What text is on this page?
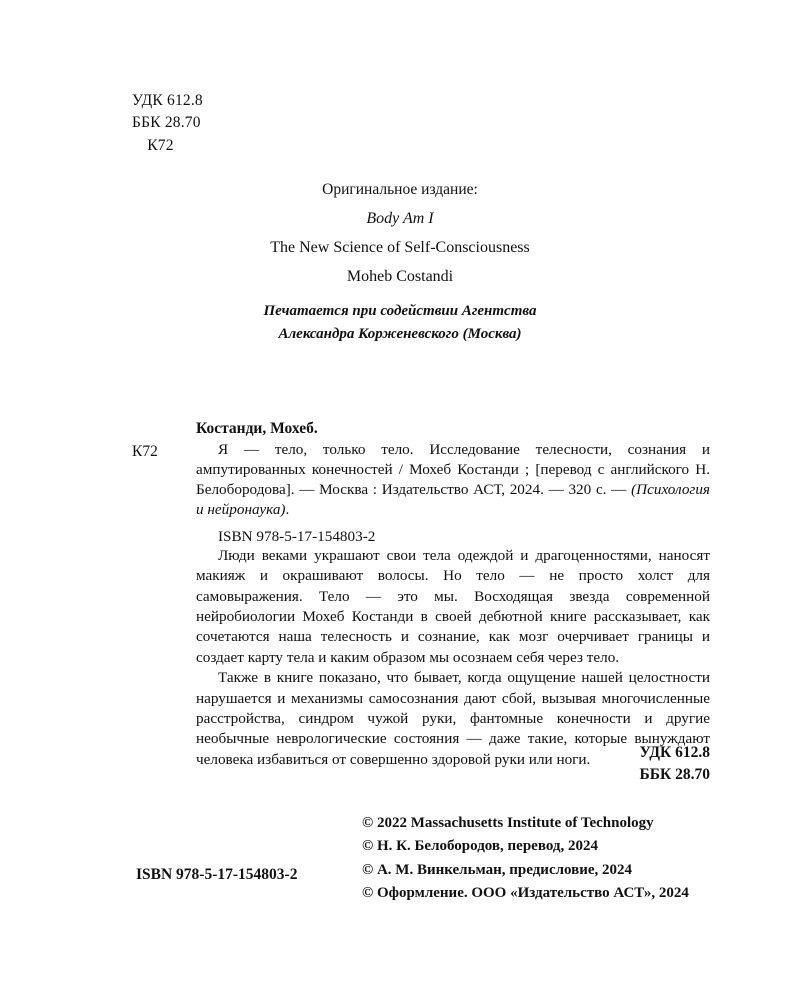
УДК 612.8
ББК 28.70
К72
Оригинальное издание:
Body Am I
The New Science of Self-Consciousness
Moheb Costandi
Печатается при содействии Агентства
Александра Корженевского (Москва)
Костанди, Мохеб.
К72	Я — тело, только тело. Исследование телесности, сознания и ампутированных конечностей / Мохеб Костанди ; [перевод с английского Н. Белобородова]. — Москва : Издательство АСТ, 2024. — 320 с. — (Психология и нейронаука).
ISBN 978-5-17-154803-2

Люди веками украшают свои тела одеждой и драгоценностями, наносят макияж и окрашивают волосы. Но тело — не просто холст для самовыражения. Тело — это мы. Восходящая звезда современной нейробиологии Мохеб Костанди в своей дебютной книге рассказывает, как сочетаются наша телесность и сознание, как мозг очерчивает границы и создает карту тела и каким образом мы осознаем себя через тело.

Также в книге показано, что бывает, когда ощущение нашей целостности нарушается и механизмы самосознания дают сбой, вызывая многочисленные расстройства, синдром чужой руки, фантомные конечности и другие необычные неврологические состояния — даже такие, которые вынуждают человека избавиться от совершенно здоровой руки или ноги.	УДК 612.8
ББК 28.70
© 2022 Massachusetts Institute of Technology
© Н. К. Белобородов, перевод, 2024
© А. М. Винкельман, предисловие, 2024
© Оформление. ООО «Издательство АСТ», 2024
ISBN 978-5-17-154803-2
